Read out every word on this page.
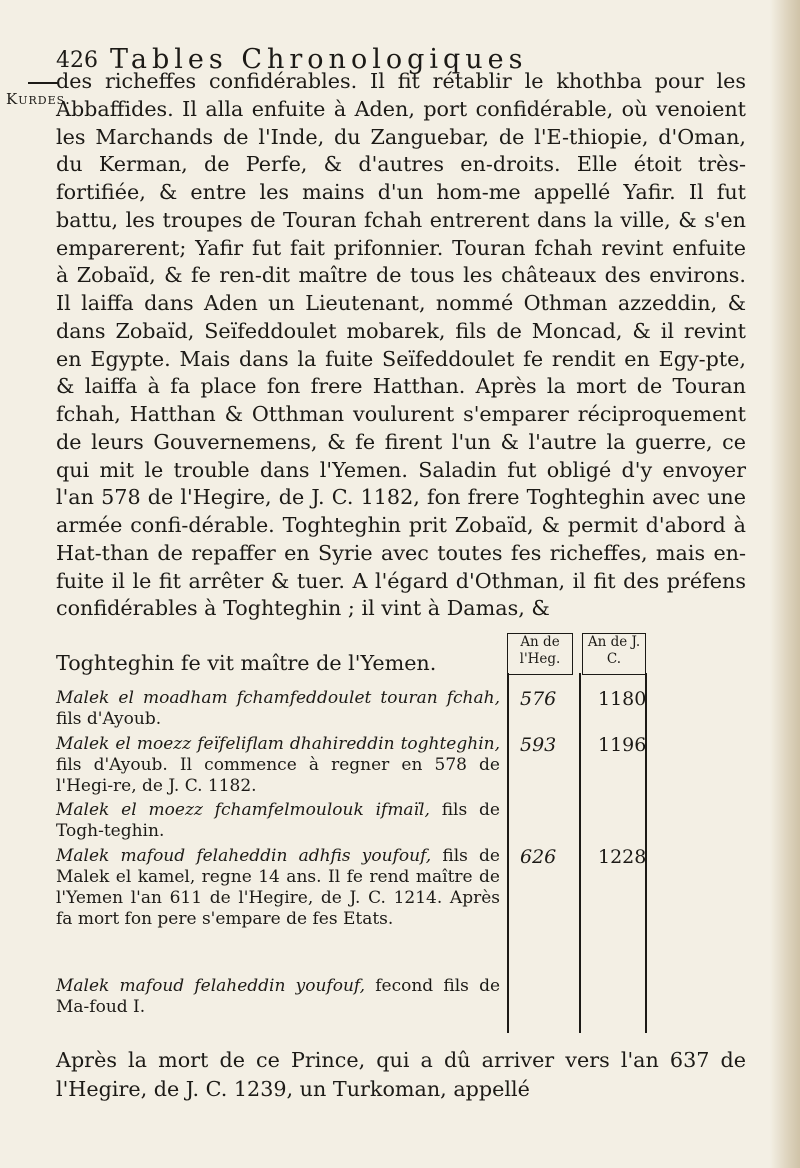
426 Tables Chronologiques
Kurdes.

des richeffes confidérables. Il fit rétablir le khothba pour les Abbaffides. Il alla enfuite à Aden, port confidérable, où venoient les Marchands de l'Inde, du Zanguebar, de l'E-thiopie, d'Oman, du Kerman, de Perfe, & d'autres en-droits. Elle étoit très-fortifiée, & entre les mains d'un hom-me appellé Yafir. Il fut battu, les troupes de Touran fchah entrerent dans la ville, & s'en emparerent; Yafir fut fait prifonnier. Touran fchah revint enfuite à Zobaïd, & fe ren-dit maître de tous les châteaux des environs. Il laiffa dans Aden un Lieutenant, nommé Othman azzeddin, & dans Zobaïd, Seïfeddoulet mobarek, fils de Moncad, & il revint en Egypte. Mais dans la fuite Seïfeddoulet fe rendit en Egy-pte, & laiffa à fa place fon frere Hatthan. Après la mort de Touran fchah, Hatthan & Otthman voulurent s'emparer réciproquement de leurs Gouvernemens, & fe firent l'un & l'autre la guerre, ce qui mit le trouble dans l'Yemen. Saladin fut obligé d'y envoyer l'an 578 de l'Hegire, de J. C. 1182, fon frere Toghteghin avec une armée confi-dérable. Toghteghin prit Zobaïd, & permit d'abord à Hat-than de repaffer en Syrie avec toutes fes richeffes, mais en-fuite il le fit arrêter & tuer. A l'égard d'Othman, il fit des préfens confidérables à Toghteghin ; il vint à Damas, &

Toghteghin fe vit maître de l'Yemen.

An de l'Heg.
An de J. C.

Malek el moadham fchamfeddoulet touran fchah, fils d'Ayoub.

576 1180

Malek el moezz feïfeliflam dhahireddin toghteghin, fils d'Ayoub. Il commence à regner en 578 de l'Hegi-re, de J. C. 1182.

593 1196

Malek el moezz fchamfelmoulouk ifmaïl, fils de Togh-teghin.

Malek mafoud felaheddin adhfis youfouf, fils de Malek el kamel, regne 14 ans. Il fe rend maître de l'Yemen l'an 611 de l'Hegire, de J. C. 1214. Après fa mort fon pere s'empare de fes Etats.

626 1228

Malek mafoud felaheddin youfouf, fecond fils de Ma-foud I.

Après la mort de ce Prince, qui a dû arriver vers l'an 637 de l'Hegire, de J. C. 1239, un Turkoman, appellé
